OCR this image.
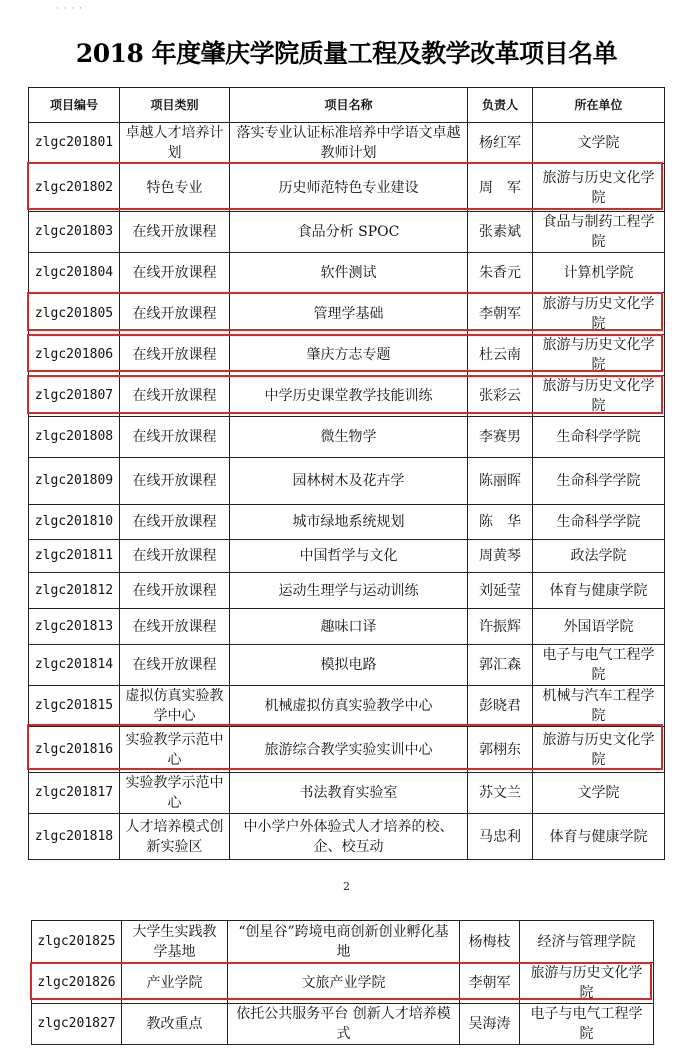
· · · ·
2018 年度肇庆学院质量工程及教学改革项目名单
项目编号	项目类别	项目名称	负责人	所在单位
zlgc201801	卓越人才培养计划	落实专业认证标准培养中学语文卓越教师计划	杨红军	文学院
zlgc201802	特色专业	历史师范特色专业建设	周　军	旅游与历史文化学院
zlgc201803	在线开放课程	食品分析 SPOC	张素斌	食品与制药工程学院
zlgc201804	在线开放课程	软件测试	朱香元	计算机学院
zlgc201805	在线开放课程	管理学基础	李朝军	旅游与历史文化学院
zlgc201806	在线开放课程	肇庆方志专题	杜云南	旅游与历史文化学院
zlgc201807	在线开放课程	中学历史课堂教学技能训练	张彩云	旅游与历史文化学院
zlgc201808	在线开放课程	微生物学	李赛男	生命科学学院
zlgc201809	在线开放课程	园林树木及花卉学	陈丽晖	生命科学学院
zlgc201810	在线开放课程	城市绿地系统规划	陈　华	生命科学学院
zlgc201811	在线开放课程	中国哲学与文化	周黄琴	政法学院
zlgc201812	在线开放课程	运动生理学与运动训练	刘延莹	体育与健康学院
zlgc201813	在线开放课程	趣味口译	许振辉	外国语学院
zlgc201814	在线开放课程	模拟电路	郭汇森	电子与电气工程学院
zlgc201815	虚拟仿真实验教学中心	机械虚拟仿真实验教学中心	彭晓君	机械与汽车工程学院
zlgc201816	实验教学示范中心	旅游综合教学实验实训中心	郭栩东	旅游与历史文化学院
zlgc201817	实验教学示范中心	书法教育实验室	苏文兰	文学院
zlgc201818	人才培养模式创新实验区	中小学户外体验式人才培养的校、企、校互动	马忠利	体育与健康学院
2
zlgc201825	大学生实践教学基地	“创星谷”跨境电商创新创业孵化基地	杨梅枝	经济与管理学院
zlgc201826	产业学院	文旅产业学院	李朝军	旅游与历史文化学院
zlgc201827	教改重点	依托公共服务平台 创新人才培养模式	吴海涛	电子与电气工程学院
